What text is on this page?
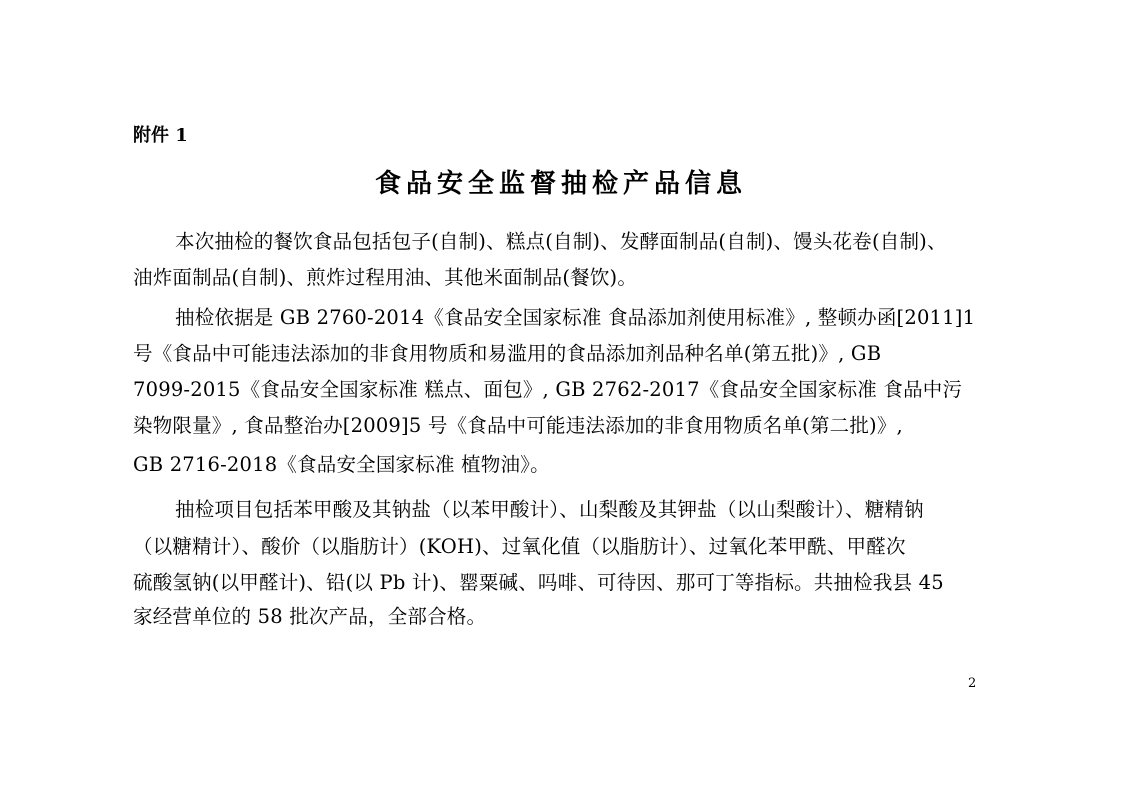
附件 1
食品安全监督抽检产品信息
本次抽检的餐饮食品包括包子(自制)、糕点(自制)、发酵面制品(自制)、馒头花卷(自制)、
油炸面制品(自制)、煎炸过程用油、其他米面制品(餐饮)。
抽检依据是 GB 2760-2014《食品安全国家标准 食品添加剂使用标准》, 整顿办函[2011]1
号《食品中可能违法添加的非食用物质和易滥用的食品添加剂品种名单(第五批)》, GB
7099-2015《食品安全国家标准 糕点、面包》, GB 2762-2017《食品安全国家标准 食品中污
染物限量》, 食品整治办[2009]5 号《食品中可能违法添加的非食用物质名单(第二批)》,
GB 2716-2018《食品安全国家标准 植物油》。
抽检项目包括苯甲酸及其钠盐（以苯甲酸计）、山梨酸及其钾盐（以山梨酸计）、糖精钠
（以糖精计）、酸价（以脂肪计）(KOH)、过氧化值（以脂肪计）、过氧化苯甲酰、甲醛次
硫酸氢钠(以甲醛计)、铅(以 Pb 计)、罂粟碱、吗啡、可待因、那可丁等指标。共抽检我县 45
家经营单位的 58 批次产品，全部合格。
2
